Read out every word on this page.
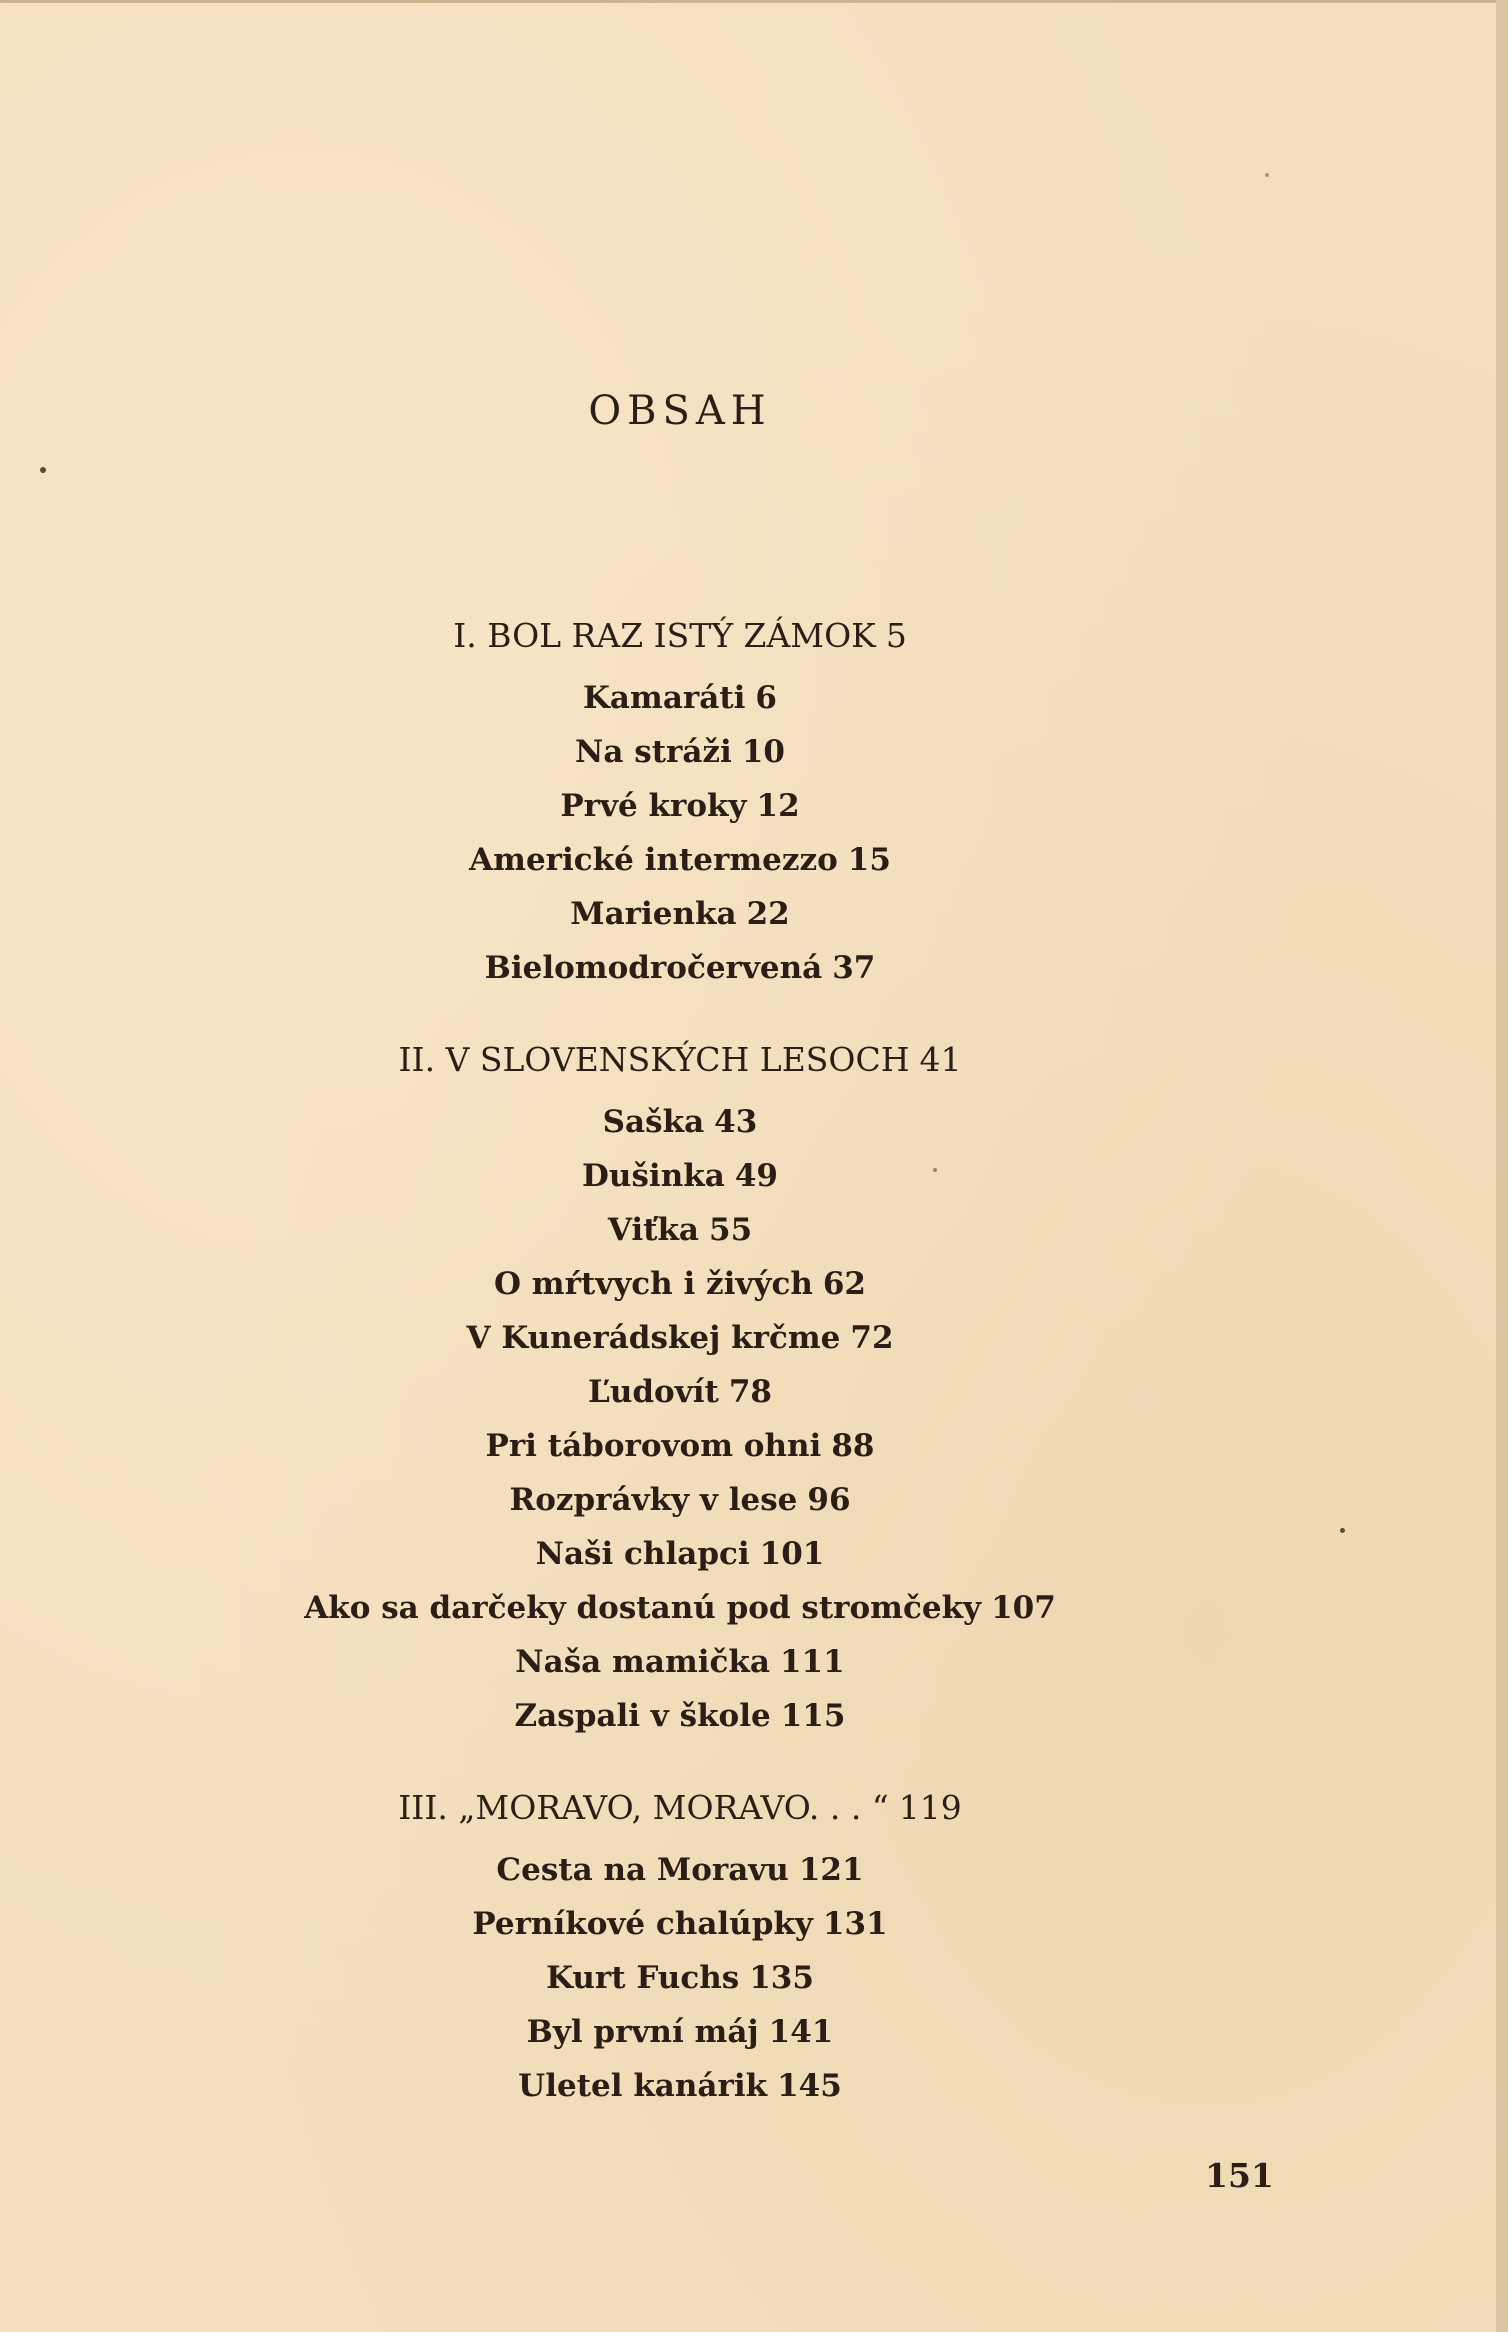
OBSAH
I. BOL RAZ ISTÝ ZÁMOK 5
Kamaráti 6
Na stráži 10
Prvé kroky 12
Americké intermezzo 15
Marienka 22
Bielomodročervená 37
II. V SLOVENSKÝCH LESOCH 41
Saška 43
Dušinka 49
Viťka 55
O mŕtvych i živých 62
V Kunerádskej krčme 72
Ľudovít 78
Pri táborovom ohni 88
Rozprávky v lese 96
Naši chlapci 101
Ako sa darčeky dostanú pod stromčeky 107
Naša mamička 111
Zaspali v škole 115
III. „MORAVO, MORAVO. . . “ 119
Cesta na Moravu 121
Perníkové chalúpky 131
Kurt Fuchs 135
Byl první máj 141
Uletel kanárik 145
151
